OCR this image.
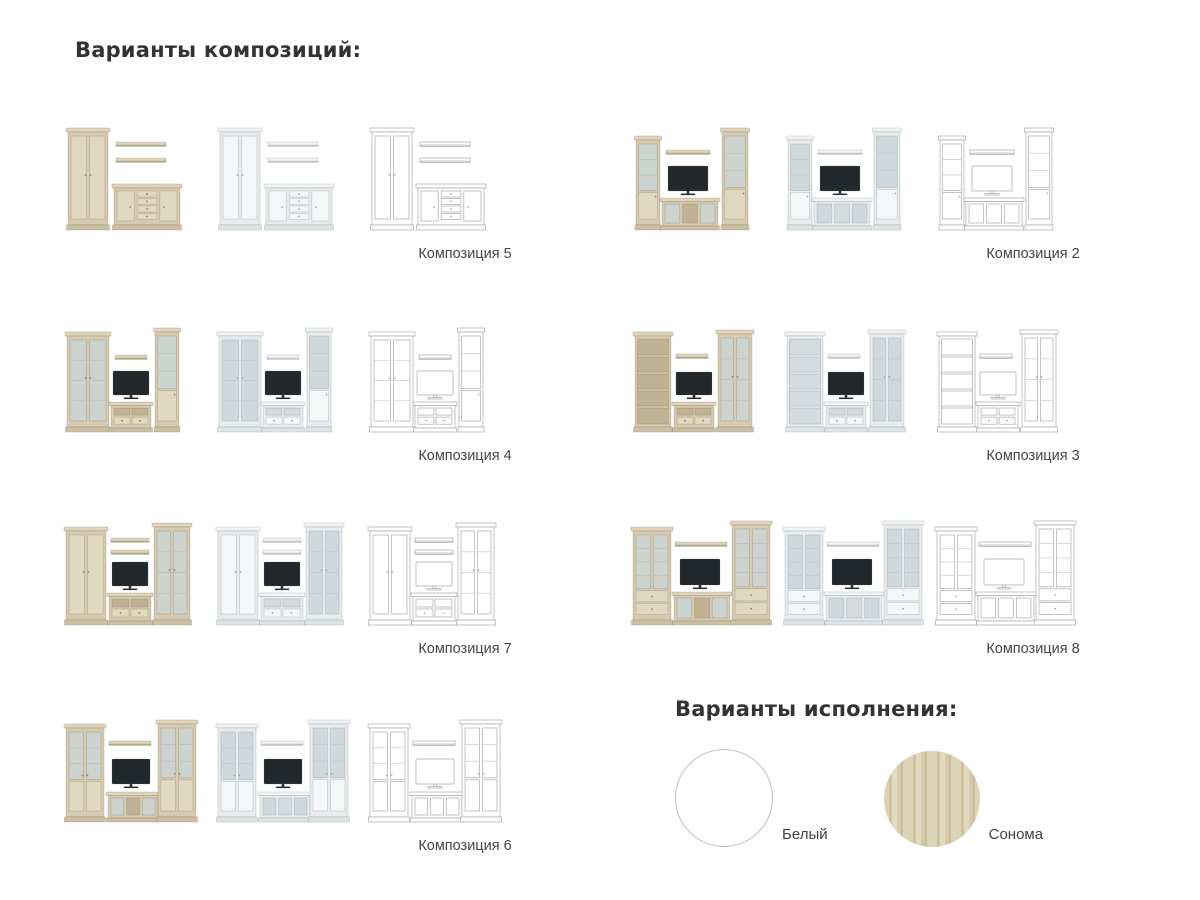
Варианты композиций:
Композиция 5	Композиция 2
Композиция 4	Композиция 3
Композиция 7	Композиция 8
Композиция 6
Варианты исполнения:
Белый	Сонома
